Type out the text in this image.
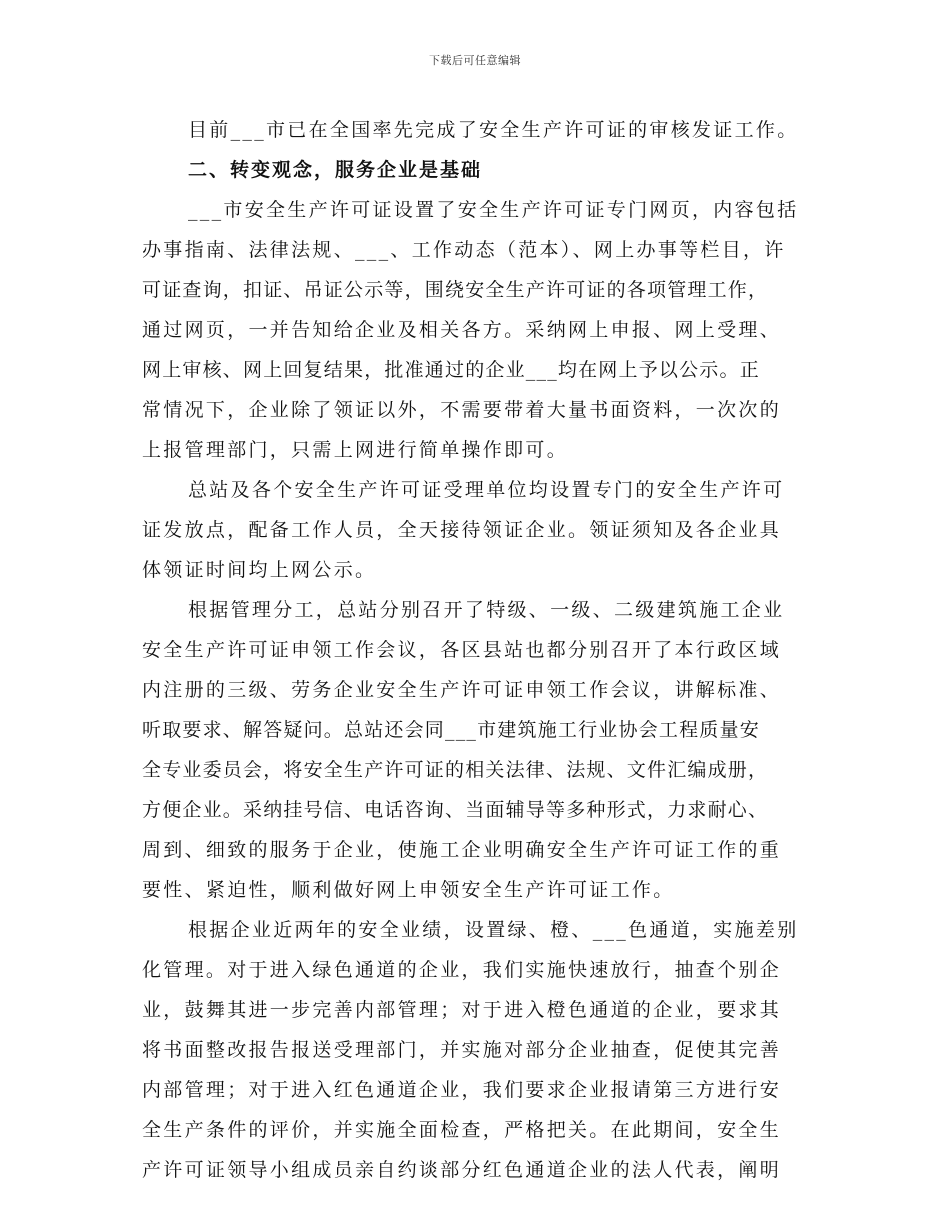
下载后可任意编辑
目前___市已在全国率先完成了安全生产许可证的审核发证工作。
二、转变观念，服务企业是基础
___市安全生产许可证设置了安全生产许可证专门网页，内容包括
办事指南、法律法规、___、工作动态（范本）、网上办事等栏目，许
可证查询，扣证、吊证公示等，围绕安全生产许可证的各项管理工作，
通过网页，一并告知给企业及相关各方。采纳网上申报、网上受理、
网上审核、网上回复结果，批准通过的企业___均在网上予以公示。正
常情况下，企业除了领证以外，不需要带着大量书面资料，一次次的
上报管理部门，只需上网进行简单操作即可。
总站及各个安全生产许可证受理单位均设置专门的安全生产许可
证发放点，配备工作人员，全天接待领证企业。领证须知及各企业具
体领证时间均上网公示。
根据管理分工，总站分别召开了特级、一级、二级建筑施工企业
安全生产许可证申领工作会议，各区县站也都分别召开了本行政区域
内注册的三级、劳务企业安全生产许可证申领工作会议，讲解标准、
听取要求、解答疑问。总站还会同___市建筑施工行业协会工程质量安
全专业委员会，将安全生产许可证的相关法律、法规、文件汇编成册，
方便企业。采纳挂号信、电话咨询、当面辅导等多种形式，力求耐心、
周到、细致的服务于企业，使施工企业明确安全生产许可证工作的重
要性、紧迫性，顺利做好网上申领安全生产许可证工作。
根据企业近两年的安全业绩，设置绿、橙、___色通道，实施差别
化管理。对于进入绿色通道的企业，我们实施快速放行，抽查个别企
业，鼓舞其进一步完善内部管理；对于进入橙色通道的企业，要求其
将书面整改报告报送受理部门，并实施对部分企业抽查，促使其完善
内部管理；对于进入红色通道企业，我们要求企业报请第三方进行安
全生产条件的评价，并实施全面检查，严格把关。在此期间，安全生
产许可证领导小组成员亲自约谈部分红色通道企业的法人代表，阐明
